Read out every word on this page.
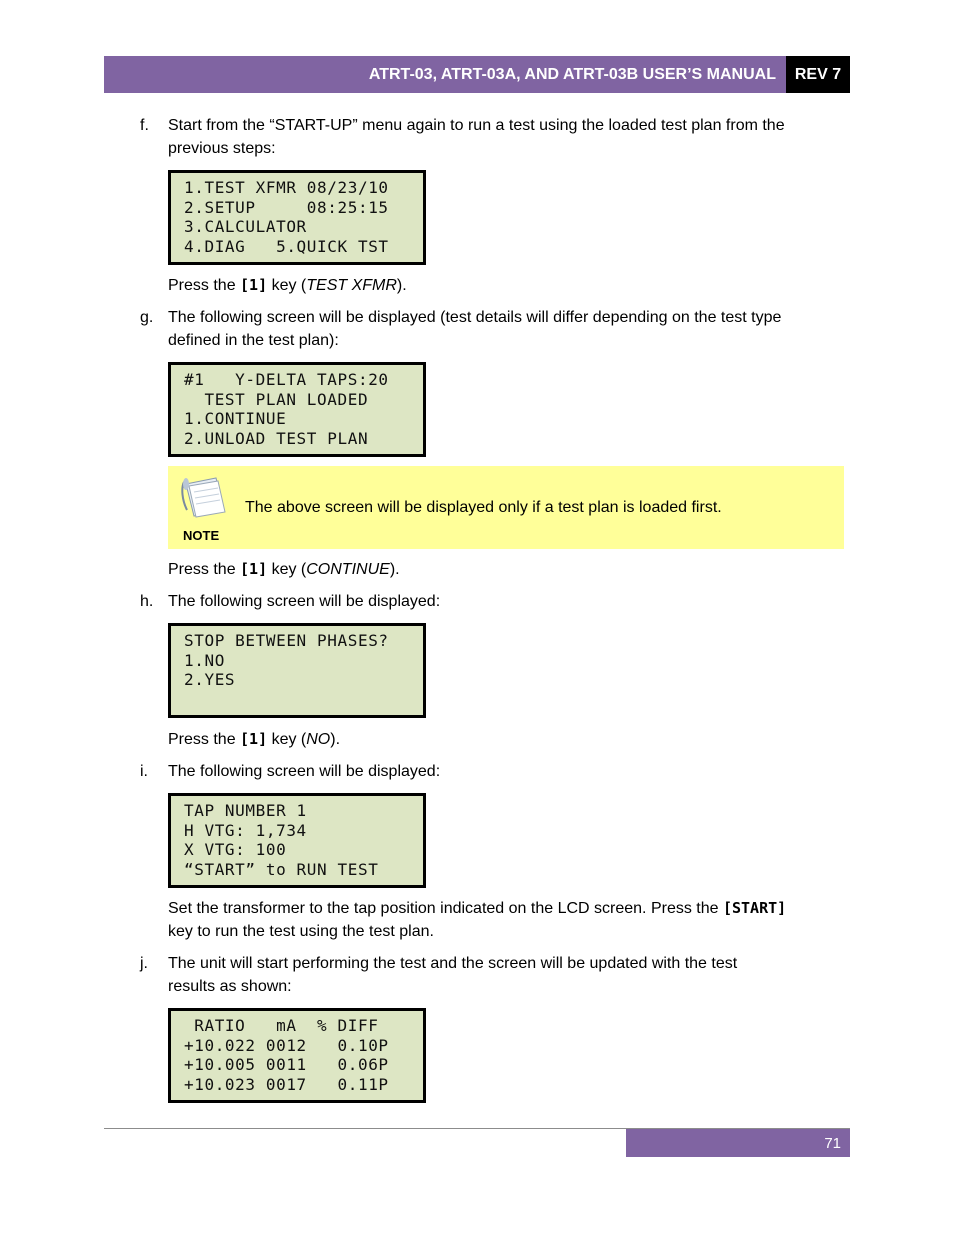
ATRT-03, ATRT-03A, AND ATRT-03B USER’S MANUAL	REV 7
f. Start from the “START-UP” menu again to run a test using the loaded test plan from the
previous steps:
1.TEST XFMR 08/23/10
2.SETUP     08:25:15
3.CALCULATOR
4.DIAG   5.QUICK TST
Press the [1] key (TEST XFMR).
g. The following screen will be displayed (test details will differ depending on the test type
defined in the test plan):
#1   Y-DELTA TAPS:20
TEST PLAN LOADED
1.CONTINUE
2.UNLOAD TEST PLAN
NOTE
The above screen will be displayed only if a test plan is loaded first.
Press the [1] key (CONTINUE).
h. The following screen will be displayed:
STOP BETWEEN PHASES?
1.NO
2.YES
Press the [1] key (NO).
i. The following screen will be displayed:
TAP NUMBER 1
H VTG: 1,734
X VTG: 100
“START” to RUN TEST
Set the transformer to the tap position indicated on the LCD screen. Press the [START]
key to run the test using the test plan.
j. The unit will start performing the test and the screen will be updated with the test
results as shown:
RATIO   mA  % DIFF
+10.022 0012   0.10P
+10.005 0011   0.06P
+10.023 0017   0.11P
71
